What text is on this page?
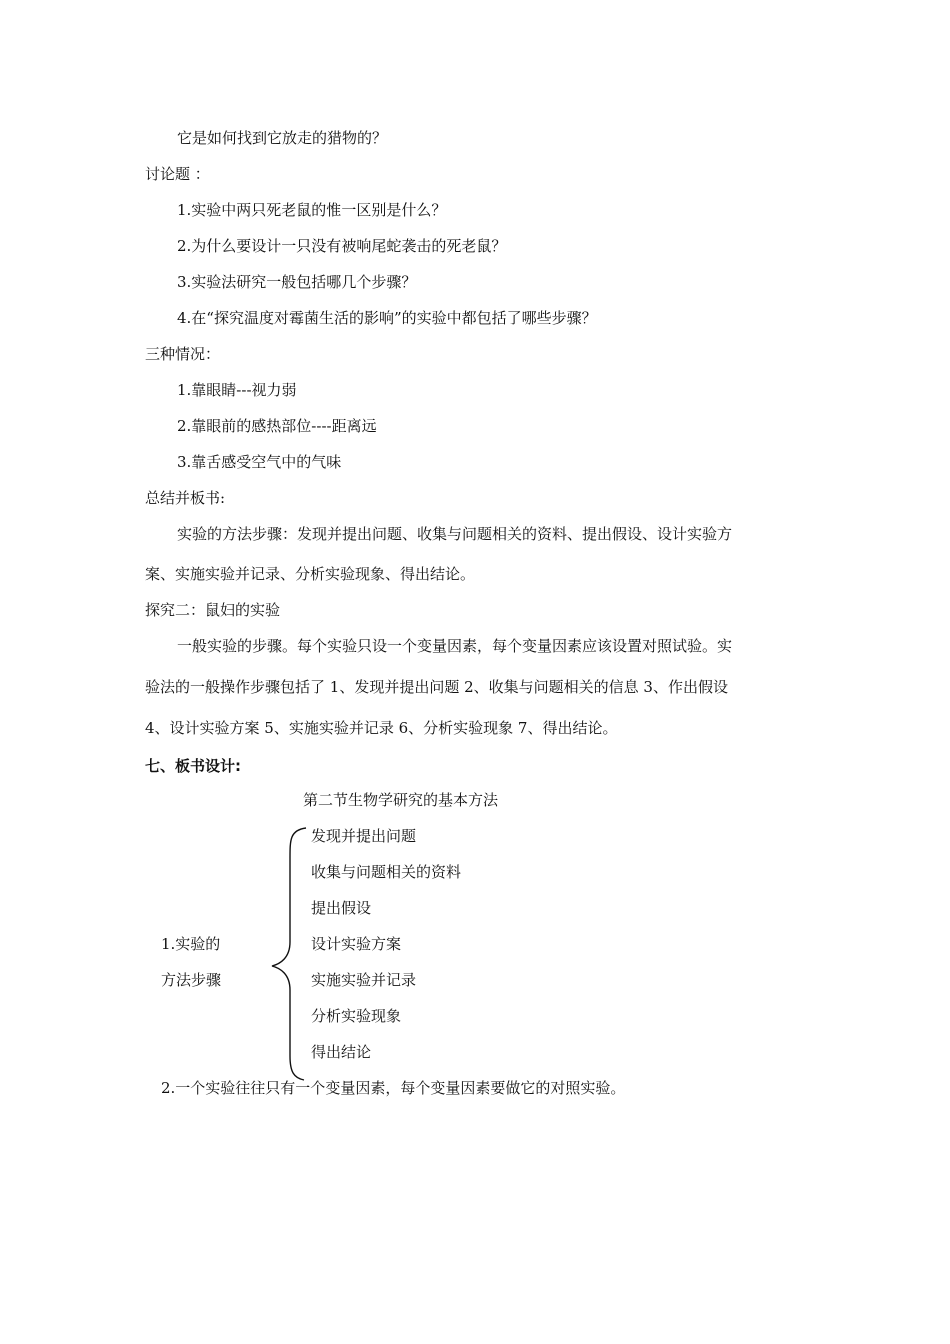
它是如何找到它放走的猎物的？
讨论题 ：
1.实验中两只死老鼠的惟一区别是什么？
2.为什么要设计一只没有被响尾蛇袭击的死老鼠？
3.实验法研究一般包括哪几个步骤？
4.在“探究温度对霉菌生活的影响”的实验中都包括了哪些步骤？
三种情况：
1.靠眼睛---视力弱
2.靠眼前的感热部位----距离远
3.靠舌感受空气中的气味
总结并板书:
实验的方法步骤：发现并提出问题、收集与问题相关的资料、提出假设、设计实验方
案、实施实验并记录、分析实验现象、得出结论。
探究二：鼠妇的实验
一般实验的步骤。每个实验只设一个变量因素，每个变量因素应该设置对照试验。实
验法的一般操作步骤包括了 1、发现并提出问题 2、收集与问题相关的信息 3、作出假设
4、设计实验方案 5、实施实验并记录 6、分析实验现象 7、得出结论。
七、板书设计:
第二节生物学研究的基本方法
1.实验的
方法步骤
发现并提出问题
收集与问题相关的资料
提出假设
设计实验方案
实施实验并记录
分析实验现象
得出结论
2.一个实验往往只有一个变量因素，每个变量因素要做它的对照实验。
